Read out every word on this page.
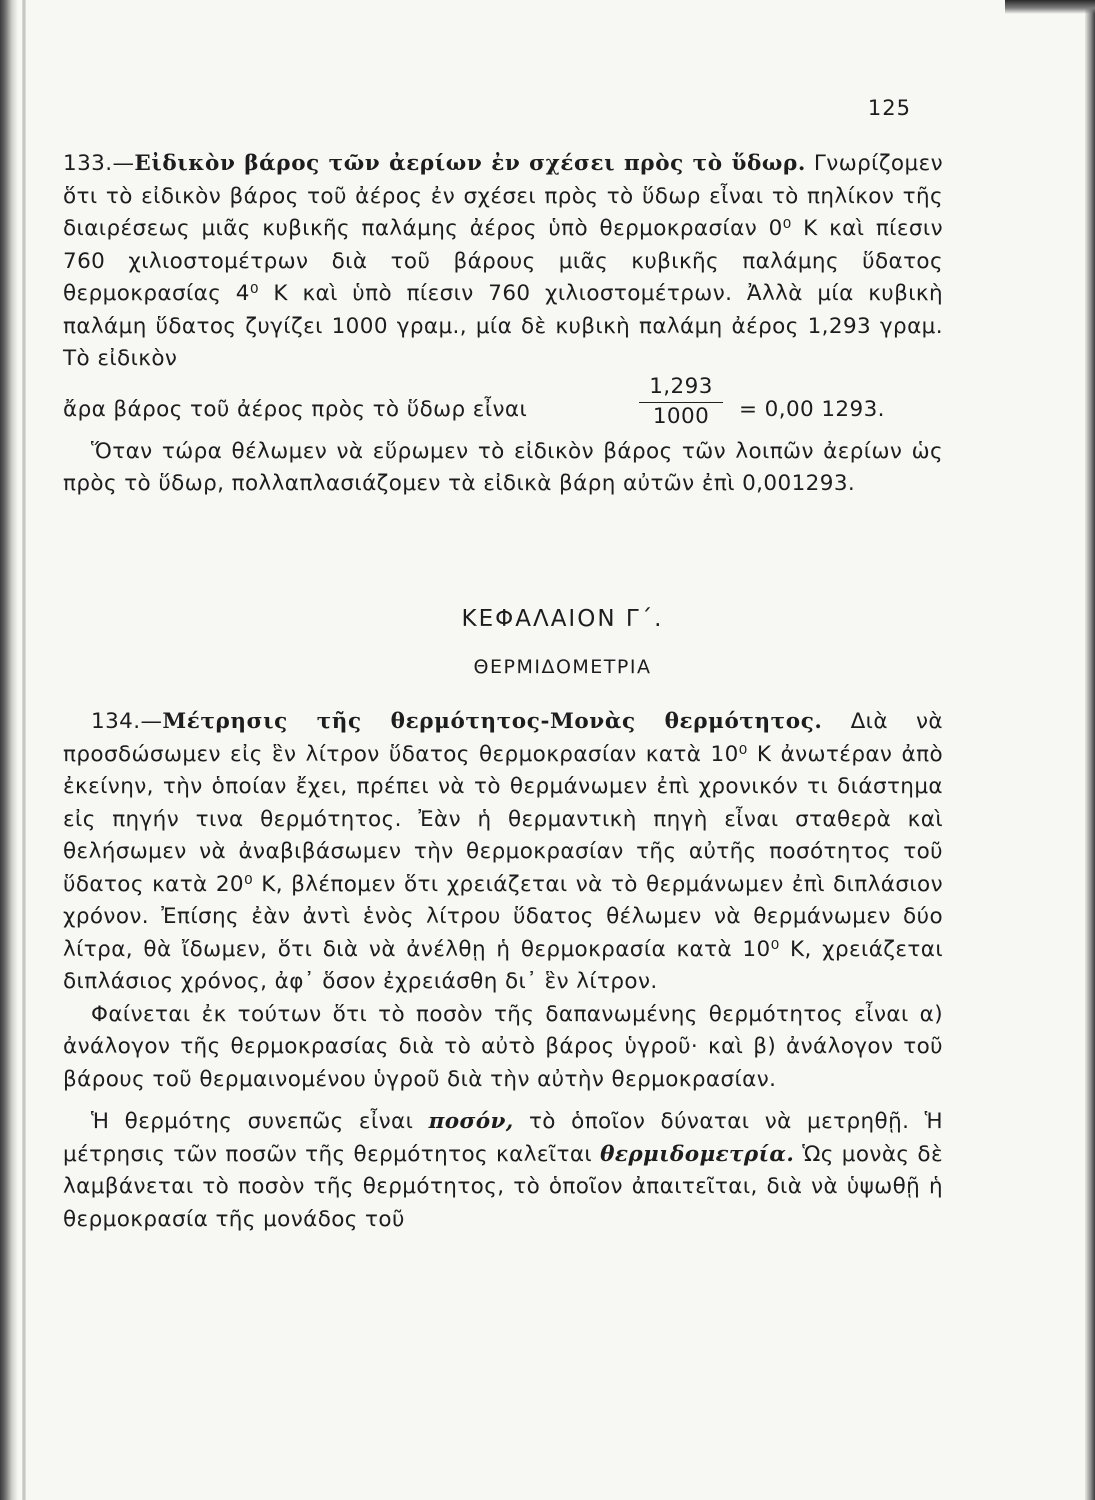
125

133.—Εἰδικὸν βάρος τῶν ἀερίων ἐν σχέσει πρὸς τὸ ὕδωρ. Γνωρίζομεν ὅτι τὸ εἰδικὸν βάρος τοῦ ἀέρος ἐν σχέσει πρὸς τὸ ὕδωρ εἶναι τὸ πηλίκον τῆς διαιρέσεως μιᾶς κυβικῆς παλάμης ἀέρος ὑπὸ θερμοκρασίαν 0⁰ Κ καὶ πίεσιν 760 χιλιοστομέτρων διὰ τοῦ βάρους μιᾶς κυβικῆς παλάμης ὕδατος θερμοκρασίας 4⁰ Κ καὶ ὑπὸ πίεσιν 760 χιλιοστομέτρων. Ἀλλὰ μία κυβικὴ παλάμη ὕδατος ζυγίζει 1000 γραμ., μία δὲ κυβικὴ παλάμη ἀέρος 1,293 γραμ. Τὸ εἰδικὸν

ἄρα βάρος τοῦ ἀέρος πρὸς τὸ ὕδωρ εἶναι
1,293
1000	= 0,00 1293.

Ὅταν τώρα θέλωμεν νὰ εὕρωμεν τὸ εἰδικὸν βάρος τῶν λοιπῶν ἀερίων ὡς πρὸς τὸ ὕδωρ, πολλαπλασιάζομεν τὰ εἰδικὰ βάρη αὐτῶν ἐπὶ 0,001293.

ΚΕΦΑΛΑΙΟΝ Γ΄.
ΘΕΡΜΙΔΟΜΕΤΡΙΑ

134.—Μέτρησις τῆς θερμότητος-Μονὰς θερμότητος. Διὰ νὰ προσδώσωμεν εἰς ἓν λίτρον ὕδατος θερμοκρασίαν κατὰ 10⁰ Κ ἀνωτέραν ἀπὸ ἐκείνην, τὴν ὁποίαν ἔχει, πρέπει νὰ τὸ θερμάνωμεν ἐπὶ χρονικόν τι διάστημα εἰς πηγήν τινα θερμότητος. Ἐὰν ἡ θερμαντικὴ πηγὴ εἶναι σταθερὰ καὶ θελήσωμεν νὰ ἀναβιβάσωμεν τὴν θερμοκρασίαν τῆς αὐτῆς ποσότητος τοῦ ὕδατος κατὰ 20⁰ Κ, βλέπομεν ὅτι χρειάζεται νὰ τὸ θερμάνωμεν ἐπὶ διπλάσιον χρόνον. Ἐπίσης ἐὰν ἀντὶ ἑνὸς λίτρου ὕδατος θέλωμεν νὰ θερμάνωμεν δύο λίτρα, θὰ ἴδωμεν, ὅτι διὰ νὰ ἀνέλθῃ ἡ θερμοκρασία κατὰ 10⁰ Κ, χρειάζεται διπλάσιος χρόνος, ἀφ᾽ ὅσον ἐχρειάσθη δι᾽ ἓν λίτρον.

Φαίνεται ἐκ τούτων ὅτι τὸ ποσὸν τῆς δαπανωμένης θερμότητος εἶναι α) ἀνάλογον τῆς θερμοκρασίας διὰ τὸ αὐτὸ βάρος ὑγροῦ· καὶ β) ἀνάλογον τοῦ βάρους τοῦ θερμαινομένου ὑγροῦ διὰ τὴν αὐτὴν θερμοκρασίαν.

Ἡ θερμότης συνεπῶς εἶναι ποσόν, τὸ ὁποῖον δύναται νὰ μετρηθῇ. Ἡ μέτρησις τῶν ποσῶν τῆς θερμότητος καλεῖται θερμιδομετρία. Ὡς μονὰς δὲ λαμβάνεται τὸ ποσὸν τῆς θερμότητος, τὸ ὁποῖον ἀπαιτεῖται, διὰ νὰ ὑψωθῇ ἡ θερμοκρασία τῆς μονάδος τοῦ
